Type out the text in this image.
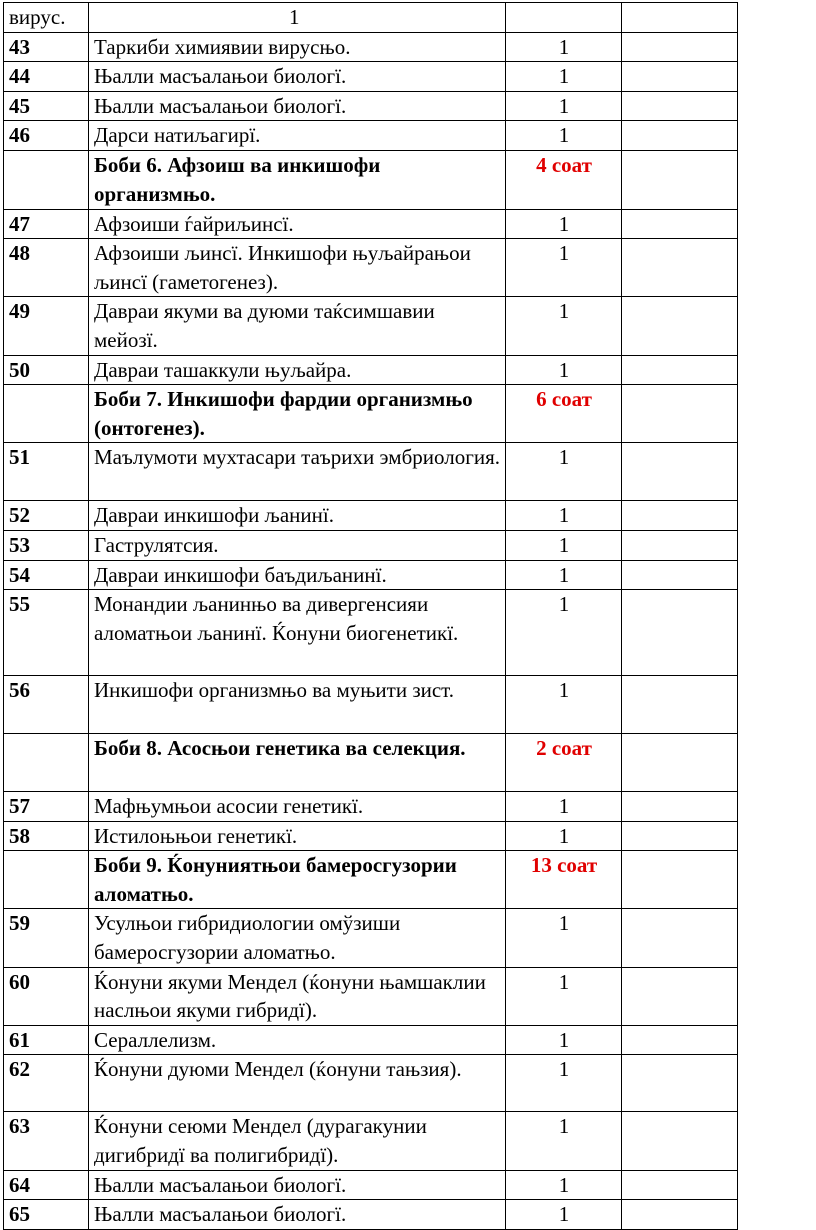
вирус.	1		
43	Таркиби химиявии вирусњо.	1	
44	Њалли масъалањои биологї.	1	
45	Њалли масъалањои биологї.	1	
46	Дарси натиљагирї.	1	
	Боби 6. Афзоиш ва инкишофи организмњо.	4 соат	
47	Афзоиши ѓайриљинсї.	1	
48	Афзоиши љинсї. Инкишофи њуљайрањои љинсї (гаметогенез).	1	
49	Давраи якуми ва дуюми таќсимшавии мейозї.	1	
50	Давраи ташаккули њуљайра.	1	
	Боби 7. Инкишофи фардии организмњо (онтогенез).	6 соат	
51	Маълумоти мухтасари таърихи эмбриология.	1	
52	Давраи инкишофи љанинї.	1	
53	Гаструлятсия.	1	
54	Давраи инкишофи баъдиљанинї.	1	
55	Монандии љанинњо ва дивергенсияи аломатњои љанинї. Ќонуни биогенетикї.	1	
56	Инкишофи организмњо ва муњити зист.	1	
	Боби 8. Асосњои генетика ва селекция.	2 соат	
57	Мафњумњои асосии генетикї.	1	
58	Истилоњњои генетикї.	1	
	Боби 9. Ќонуниятњои бамеросгузории аломатњо.	13 соат	
59	Усулњои гибридиологии омўзиши бамеросгузории аломатњо.	1	
60	Ќонуни якуми Мендел (ќонуни њамшаклии наслњои якуми гибридї).	1	
61	Сераллелизм.	1	
62	Ќонуни дуюми Мендел (ќонуни тањзия).	1	
63	Ќонуни сеюми Мендел (дурагакунии дигибридї ва полигибридї).	1	
64	Њалли масъалањои биологї.	1	
65	Њалли масъалањои биологї.	1	
